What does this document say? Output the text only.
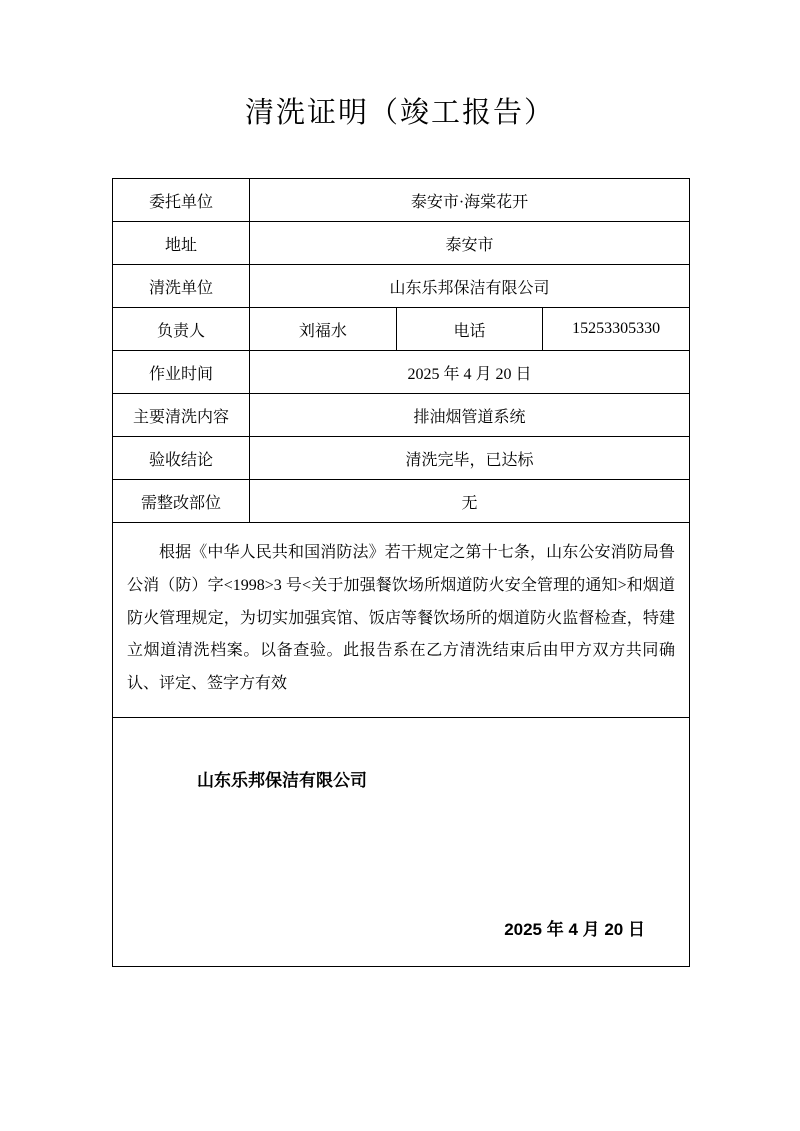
清洗证明（竣工报告）
委托单位	泰安市·海棠花开		
地址	泰安市		
清洗单位	山东乐邦保洁有限公司		
负责人	刘福水	电话	15253305330
作业时间	2025 年 4 月 20 日		
主要清洗内容	排油烟管道系统		
验收结论	清洗完毕，已达标		
需整改部位	无		

根据《中华人民共和国消防法》若干规定之第十七条，山东公安消防局鲁公消（防）字<1998>3 号<关于加强餐饮场所烟道防火安全管理的通知>和烟道防火管理规定，为切实加强宾馆、饭店等餐饮场所的烟道防火监督检查，特建立烟道清洗档案。以备查验。此报告系在乙方清洗结束后由甲方双方共同确认、评定、签字方有效			

山东乐邦保洁有限公司
2025 年 4 月 20 日			
